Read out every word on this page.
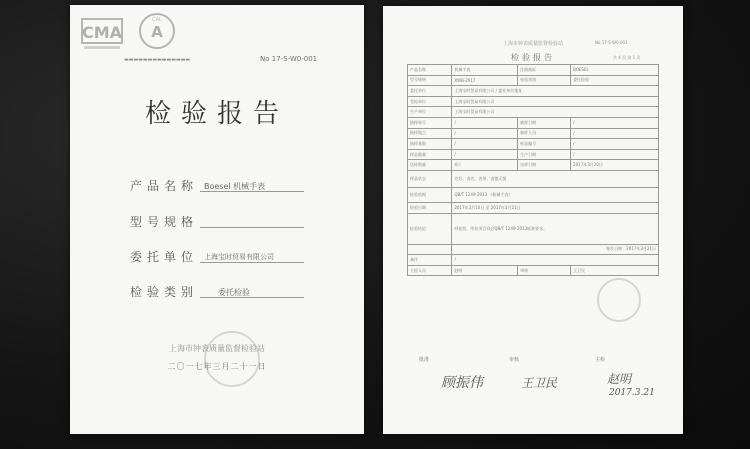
CMA A
CAL
▬▬▬▬▬▬▬▬▬▬▬▬▬▬	No 17-S-W0-001
检验报告
产品名称 Boesel 机械手表
型号规格
委托单位 上海宝时贸易有限公司
检验类别 委托检验
上海市钟表质量监督检验站
二〇一七年三月二十一日
上海市钟表质量监督检验站	No 17-S-W0-001
检验报告	共 4 页 第 1 页
产品名称	机械手表	注册商标	BOESEL
型号规格	XWB-2017	检验类别	委托检验
委托单位	上海宝时贸易有限公司 / 委托单位地址		
受检单位	上海宝时贸易有限公司		
生产单位	上海宝时贸易有限公司		
抽样单号	/	抽样日期	/
抽样地点	/	抽样人员	/
抽样基数	/	样品编号	/
样品数量	/	生产日期	/
送样数量	4只	送样日期	2017年3月10日
样品状态	完好，表壳、表带、表镜无损		
检验依据	QB/T 1249-2013 《机械手表》		
检验日期	2017年3月10日 至 2017年3月21日		
检验结论	经检验，所检项目符合QB/T 1249-2013标准要求。		
	签发日期：2017年3月21日		
备注	/		
主检人员	赵明	审核	王卫民
批准	审核	主检
顾振伟	王卫民	赵明
2017.3.21
